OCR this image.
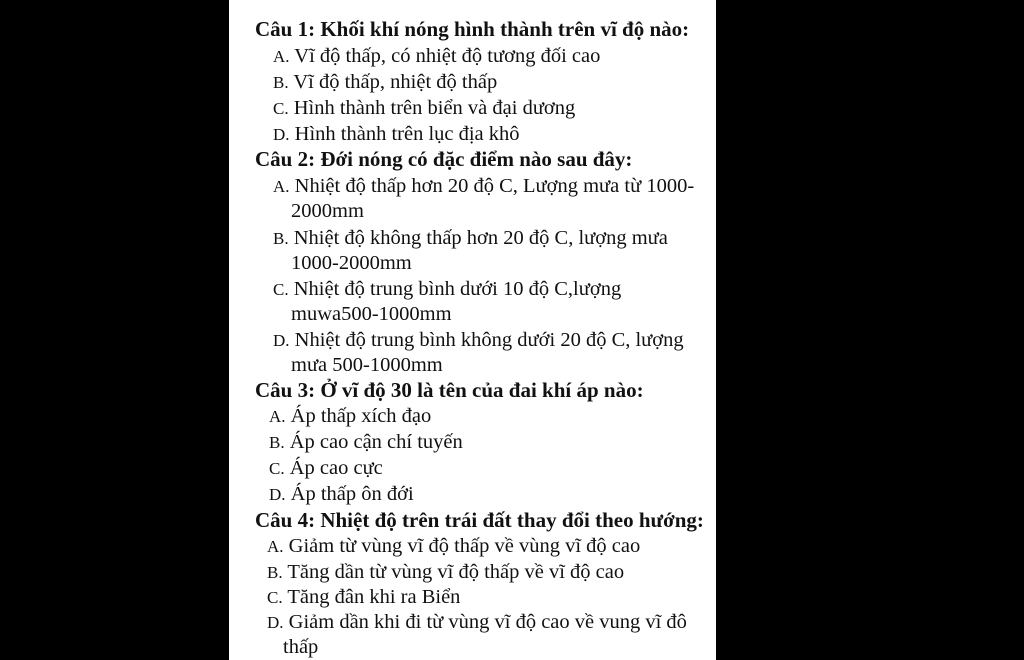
Câu 1: Khối khí nóng hình thành trên vĩ độ nào:
A. Vĩ độ thấp, có nhiệt độ tương đối cao
B. Vĩ độ thấp, nhiệt độ thấp
C. Hình thành trên biển và đại dương
D. Hình thành trên lục địa khô
Câu 2: Đới nóng có đặc điểm nào sau đây:
A. Nhiệt độ thấp hơn 20 độ C, Lượng mưa từ 1000-
2000mm
B. Nhiệt độ không thấp hơn 20 độ C, lượng mưa
1000-2000mm
C. Nhiệt độ trung bình dưới 10 độ C,lượng
muwa500-1000mm
D. Nhiệt độ trung bình không dưới 20 độ C, lượng
mưa 500-1000mm
Câu 3: Ở vĩ độ 30 là tên của đai khí áp nào:
A. Áp thấp xích đạo
B. Áp cao cận chí tuyến
C. Áp cao cực
D. Áp thấp ôn đới
Câu 4: Nhiệt độ trên trái đất thay đổi theo hướng:
A. Giảm từ vùng vĩ độ thấp về vùng vĩ độ cao
B. Tăng dần từ vùng vĩ độ thấp về vĩ độ cao
C. Tăng đân khi ra Biển
D. Giảm dần khi đi từ vùng vĩ độ cao về vung vĩ đô
thấp
